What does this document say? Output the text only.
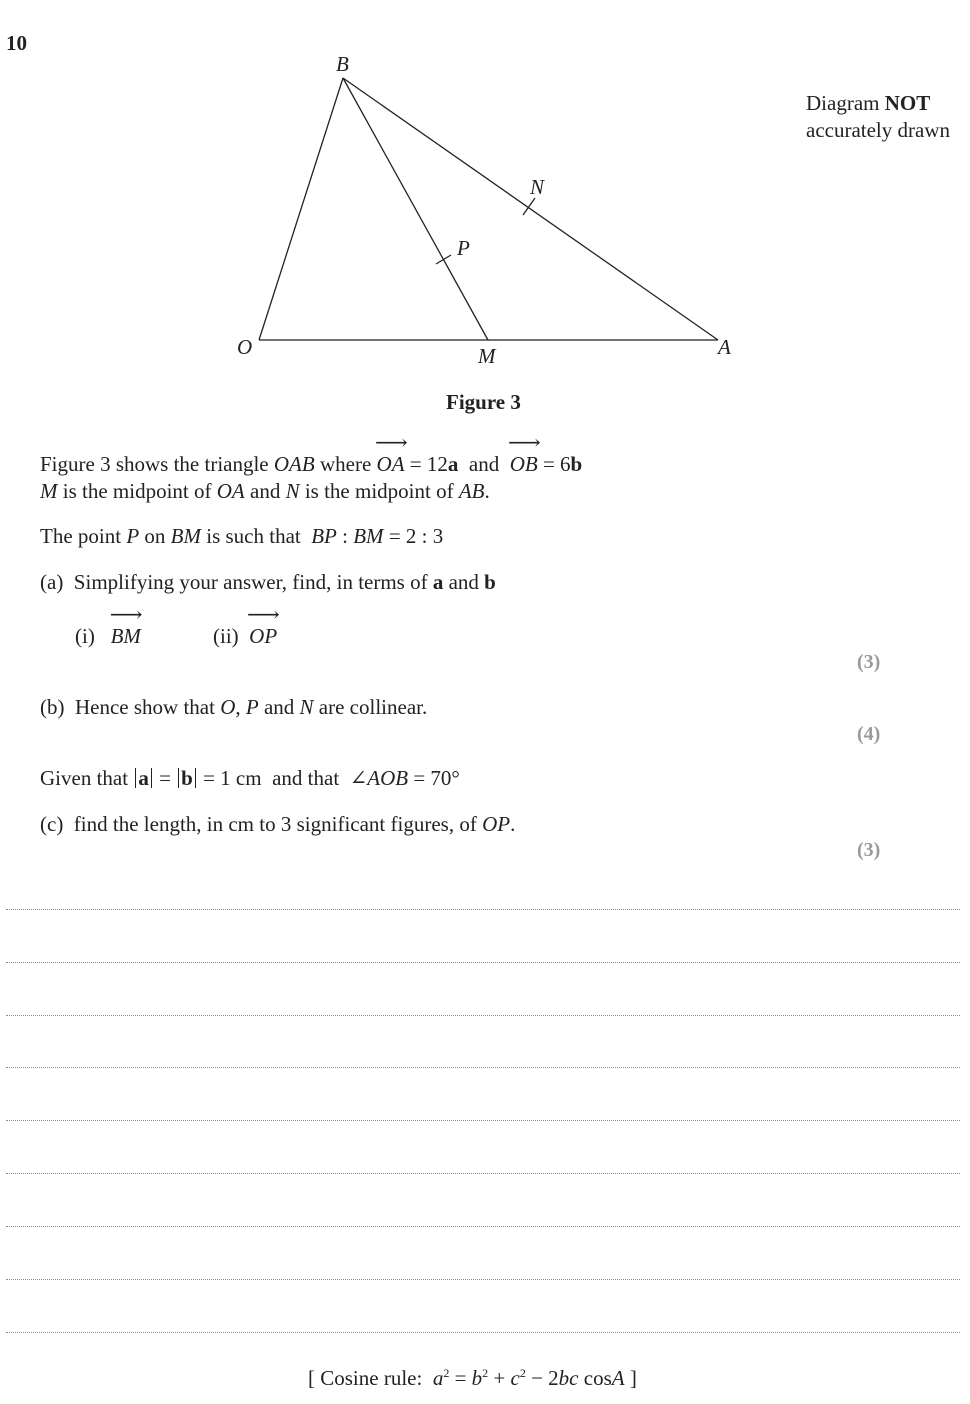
10
Diagram NOT
accurately drawn
B
O	A
M
N
P
Figure 3
Figure 3 shows the triangle OAB where OA ⟶ = 12a  and  OB ⟶ = 6b
M is the midpoint of OA and N is the midpoint of AB.
The point P on BM is such that  BP : BM = 2 : 3
(a)  Simplifying your answer, find, in terms of a and b
(i) BM ⟶	(ii) OP ⟶
(3)
(b)  Hence show that O, P and N are collinear.
(4)
Given that a = b = 1 cm  and that  ∠AOB = 70°
(c)  find the length, in cm to 3 significant figures, of OP.
(3)
[ Cosine rule:  $a^2 = b^2 + c^2 - 2bc$ cosA ]
